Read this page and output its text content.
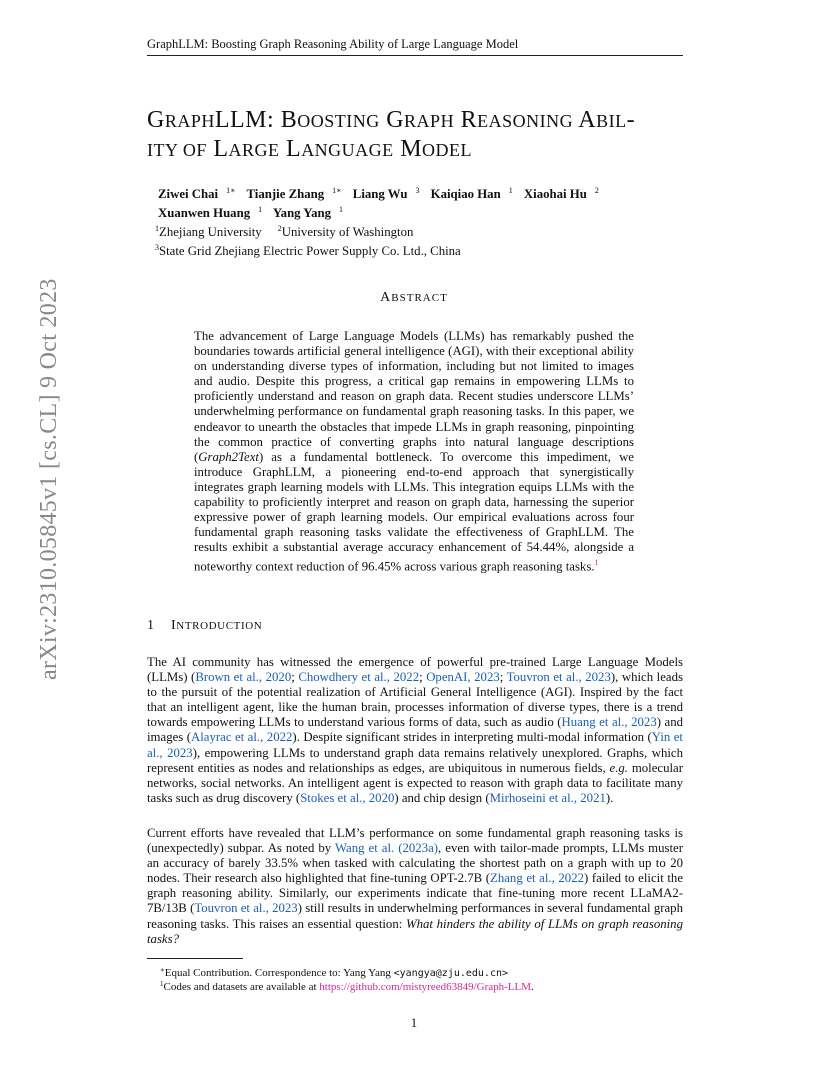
GraphLLM: Boosting Graph Reasoning Ability of Large Language Model
GRAPHLLM: BOOSTING GRAPH REASONING ABIL-
ITY OF LARGE LANGUAGE MODEL
Ziwei Chai $^{1∗}$ Tianjie Zhang $^{1∗}$ Liang Wu $^3$ Kaiqiao Han $^1$ Xiaohai Hu $^2$
Xuanwen Huang $^1$ Yang Yang $^1$
$^1$Zhejiang University $^2$University of Washington
$^3$State Grid Zhejiang Electric Power Supply Co. Ltd., China
ABSTRACT
The advancement of Large Language Models (LLMs) has remarkably pushed the boundaries towards artificial general intelligence (AGI), with their exceptional ability on understanding diverse types of information, including but not limited to images and audio. Despite this progress, a critical gap remains in empowering LLMs to proficiently understand and reason on graph data. Recent studies underscore LLMs’ underwhelming performance on fundamental graph reasoning tasks. In this paper, we endeavor to unearth the obstacles that impede LLMs in graph reasoning, pinpointing the common practice of converting graphs into natural language descriptions (Graph2Text) as a fundamental bottleneck. To overcome this impediment, we introduce GraphLLM, a pioneering end-to-end approach that synergistically integrates graph learning models with LLMs. This integration equips LLMs with the capability to proficiently interpret and reason on graph data, harnessing the superior expressive power of graph learning models. Our empirical evaluations across four fundamental graph reasoning tasks validate the effectiveness of GraphLLM. The results exhibit a substantial average accuracy enhancement of 54.44%, alongside a noteworthy context reduction of 96.45% across various graph reasoning tasks.$^1$
1 INTRODUCTION
The AI community has witnessed the emergence of powerful pre-trained Large Language Models (LLMs) (Brown et al., 2020; Chowdhery et al., 2022; OpenAI, 2023; Touvron et al., 2023), which leads to the pursuit of the potential realization of Artificial General Intelligence (AGI). Inspired by the fact that an intelligent agent, like the human brain, processes information of diverse types, there is a trend towards empowering LLMs to understand various forms of data, such as audio (Huang et al., 2023) and images (Alayrac et al., 2022). Despite significant strides in interpreting multi-modal information (Yin et al., 2023), empowering LLMs to understand graph data remains relatively unexplored. Graphs, which represent entities as nodes and relationships as edges, are ubiquitous in numerous fields, e.g. molecular networks, social networks. An intelligent agent is expected to reason with graph data to facilitate many tasks such as drug discovery (Stokes et al., 2020) and chip design (Mirhoseini et al., 2021).
Current efforts have revealed that LLM’s performance on some fundamental graph reasoning tasks is (unexpectedly) subpar. As noted by Wang et al. (2023a), even with tailor-made prompts, LLMs muster an accuracy of barely 33.5% when tasked with calculating the shortest path on a graph with up to 20 nodes. Their research also highlighted that fine-tuning OPT-2.7B (Zhang et al., 2022) failed to elicit the graph reasoning ability. Similarly, our experiments indicate that fine-tuning more recent LLaMA2-7B/13B (Touvron et al., 2023) still results in underwhelming performances in several fundamental graph reasoning tasks. This raises an essential question: What hinders the ability of LLMs on graph reasoning tasks?
∗Equal Contribution. Correspondence to: Yang Yang <yangya@zju.edu.cn>
$^1$Codes and datasets are available at https://github.com/mistyreed63849/Graph-LLM.
1
arXiv:2310.05845v1 [cs.CL] 9 Oct 2023
